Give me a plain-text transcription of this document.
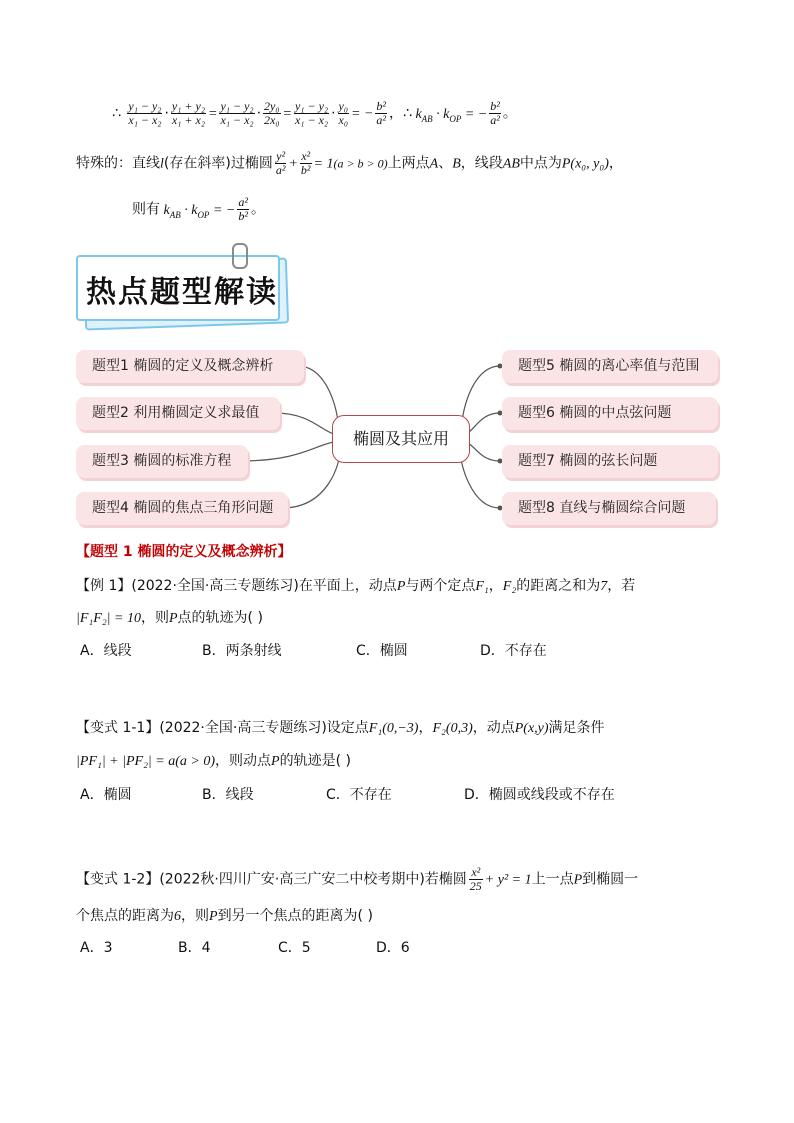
∴ $\frac{\text{y₁ − y₂}}{\text{x₁ − x₂}} \cdot \frac{\text{y₁ + y₂}}{\text{x₁ + x₂}} = \frac{\text{y₁ − y₂}}{\text{x₁ − x₂}} \cdot \frac{\text{2y₀}}{\text{2x₀}} = \frac{\text{y₁ − y₂}}{\text{x₁ − x₂}} \cdot \frac{\text{y₀}}{\text{x₀}}$ = − $\frac{\text{b²}}{\text{a²}}$ ，∴ $k_{AB} \cdot k_{OP}$ = − $\frac{\text{b²}}{\text{a²}}$ 。
特殊的：直线l(存在斜率)过椭圆 $\frac{\text{y²}}{\text{a²}} + \frac{\text{x²}}{\text{b²}} = 1(a > b > 0)$上两点A、B，线段AB中点为P(x₀, y₀)，
则有 $k_{AB} \cdot k_{OP}$ = − $\frac{\text{a²}}{\text{b²}}$ 。
热点题型解读
题型1 椭圆的定义及概念辨析
题型2 利用椭圆定义求最值
题型3 椭圆的标准方程
题型4 椭圆的焦点三角形问题
椭圆及其应用
题型5 椭圆的离心率值与范围
题型6 椭圆的中点弦问题
题型7 椭圆的弦长问题
题型8 直线与椭圆综合问题
【题型 1 椭圆的定义及概念辨析】
【例 1】(2022·全国·高三专题练习)在平面上，动点P与两个定点F₁，F₂的距离之和为7，若
|F₁F₂| = 10，则P点的轨迹为( )
A．线段	B．两条射线	C．椭圆	D．不存在
【变式 1-1】(2022·全国·高三专题练习)设定点F₁(0,−3)，F₂(0,3)，动点P(x,y)满足条件
|PF₁| + |PF₂| = a(a > 0)，则动点P的轨迹是( )
A．椭圆	B．线段	C．不存在	D．椭圆或线段或不存在
【变式 1-2】(2022秋·四川广安·高三广安二中校考期中)若椭圆 $\frac{\text{x²}}{25} + y^2 = 1$上一点P到椭圆一
个焦点的距离为6，则P到另一个焦点的距离为( )
A．3	B．4	C．5	D．6
